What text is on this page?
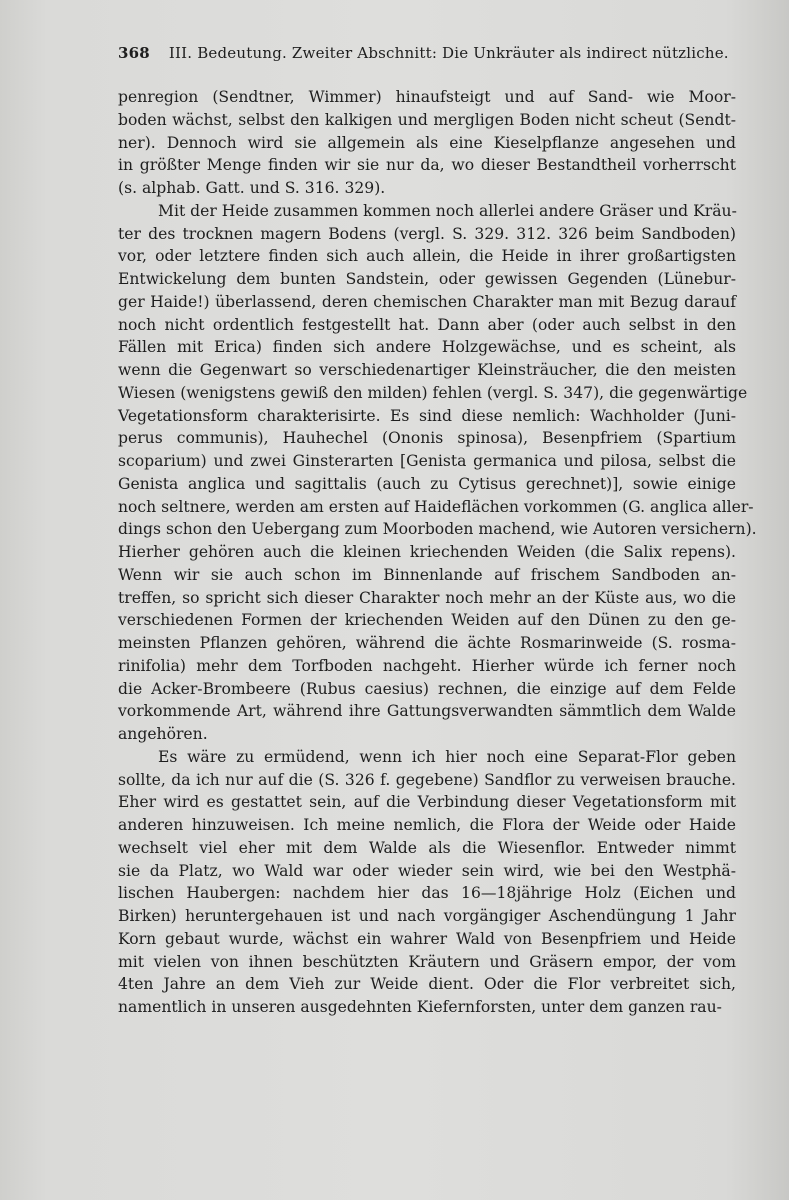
368 III. Bedeutung. Zweiter Abschnitt: Die Unkräuter als indirect nützliche.
penregion (Sendtner, Wimmer) hinaufsteigt und auf Sand- wie Moor-
boden wächst, selbst den kalkigen und mergligen Boden nicht scheut (Sendt-
ner). Dennoch wird sie allgemein als eine Kieselpflanze angesehen und
in größter Menge finden wir sie nur da, wo dieser Bestandtheil vorherrscht
(s. alphab. Gatt. und S. 316. 329).
Mit der Heide zusammen kommen noch allerlei andere Gräser und Kräu-
ter des trocknen magern Bodens (vergl. S. 329. 312. 326 beim Sandboden)
vor, oder letztere finden sich auch allein, die Heide in ihrer großartigsten
Entwickelung dem bunten Sandstein, oder gewissen Gegenden (Lünebur-
ger Haide!) überlassend, deren chemischen Charakter man mit Bezug darauf
noch nicht ordentlich festgestellt hat. Dann aber (oder auch selbst in den
Fällen mit Erica) finden sich andere Holzgewächse, und es scheint, als
wenn die Gegenwart so verschiedenartiger Kleinsträucher, die den meisten
Wiesen (wenigstens gewiß den milden) fehlen (vergl. S. 347), die gegenwärtige
Vegetationsform charakterisirte. Es sind diese nemlich: Wachholder (Juni-
perus communis), Hauhechel (Ononis spinosa), Besenpfriem (Spartium
scoparium) und zwei Ginsterarten [Genista germanica und pilosa, selbst die
Genista anglica und sagittalis (auch zu Cytisus gerechnet)], sowie einige
noch seltnere, werden am ersten auf Haideflächen vorkommen (G. anglica aller-
dings schon den Uebergang zum Moorboden machend, wie Autoren versichern).
Hierher gehören auch die kleinen kriechenden Weiden (die Salix repens).
Wenn wir sie auch schon im Binnenlande auf frischem Sandboden an-
treffen, so spricht sich dieser Charakter noch mehr an der Küste aus, wo die
verschiedenen Formen der kriechenden Weiden auf den Dünen zu den ge-
meinsten Pflanzen gehören, während die ächte Rosmarinweide (S. rosma-
rinifolia) mehr dem Torfboden nachgeht. Hierher würde ich ferner noch
die Acker-Brombeere (Rubus caesius) rechnen, die einzige auf dem Felde
vorkommende Art, während ihre Gattungsverwandten sämmtlich dem Walde
angehören.
Es wäre zu ermüdend, wenn ich hier noch eine Separat-Flor geben
sollte, da ich nur auf die (S. 326 f. gegebene) Sandflor zu verweisen brauche.
Eher wird es gestattet sein, auf die Verbindung dieser Vegetationsform mit
anderen hinzuweisen. Ich meine nemlich, die Flora der Weide oder Haide
wechselt viel eher mit dem Walde als die Wiesenflor. Entweder nimmt
sie da Platz, wo Wald war oder wieder sein wird, wie bei den Westphä-
lischen Haubergen: nachdem hier das 16—18jährige Holz (Eichen und
Birken) heruntergehauen ist und nach vorgängiger Aschendüngung 1 Jahr
Korn gebaut wurde, wächst ein wahrer Wald von Besenpfriem und Heide
mit vielen von ihnen beschützten Kräutern und Gräsern empor, der vom
4ten Jahre an dem Vieh zur Weide dient. Oder die Flor verbreitet sich,
namentlich in unseren ausgedehnten Kiefernforsten, unter dem ganzen rau-
